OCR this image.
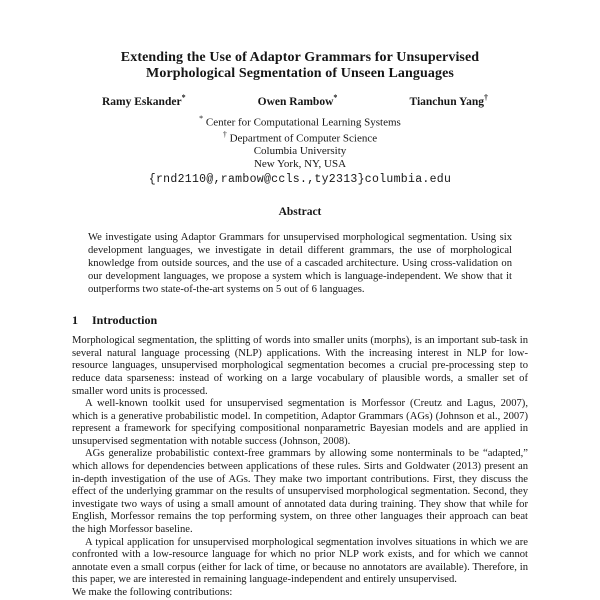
Extending the Use of Adaptor Grammars for Unsupervised
Morphological Segmentation of Unseen Languages
Ramy Eskander*	Owen Rambow*	Tianchun Yang†
* Center for Computational Learning Systems
† Department of Computer Science
Columbia University
New York, NY, USA
{rnd2110@,rambow@ccls.,ty2313}columbia.edu
Abstract

We investigate using Adaptor Grammars for unsupervised morphological segmentation. Using six development languages, we investigate in detail different grammars, the use of morphological knowledge from outside sources, and the use of a cascaded architecture. Using cross-validation on our development languages, we propose a system which is language-independent. We show that it outperforms two state-of-the-art systems on 5 out of 6 languages.

1 Introduction

Morphological segmentation, the splitting of words into smaller units (morphs), is an important sub-task in several natural language processing (NLP) applications. With the increasing interest in NLP for low-resource languages, unsupervised morphological segmentation becomes a crucial pre-processing step to reduce data sparseness: instead of working on a large vocabulary of plausible words, a smaller set of smaller word units is processed.

A well-known toolkit used for unsupervised segmentation is Morfessor (Creutz and Lagus, 2007), which is a generative probabilistic model. In competition, Adaptor Grammars (AGs) (Johnson et al., 2007) represent a framework for specifying compositional nonparametric Bayesian models and are applied in unsupervised segmentation with notable success (Johnson, 2008).

AGs generalize probabilistic context-free grammars by allowing some nonterminals to be “adapted,” which allows for dependencies between applications of these rules. Sirts and Goldwater (2013) present an in-depth investigation of the use of AGs. They make two important contributions. First, they discuss the effect of the underlying grammar on the results of unsupervised morphological segmentation. Second, they investigate two ways of using a small amount of annotated data during training. They show that while for English, Morfessor remains the top performing system, on three other languages their approach can beat the high Morfessor baseline.

A typical application for unsupervised morphological segmentation involves situations in which we are confronted with a low-resource language for which no prior NLP work exists, and for which we cannot annotate even a small corpus (either for lack of time, or because no annotators are available). Therefore, in this paper, we are interested in remaining language-independent and entirely unsupervised.

We make the following contributions:
